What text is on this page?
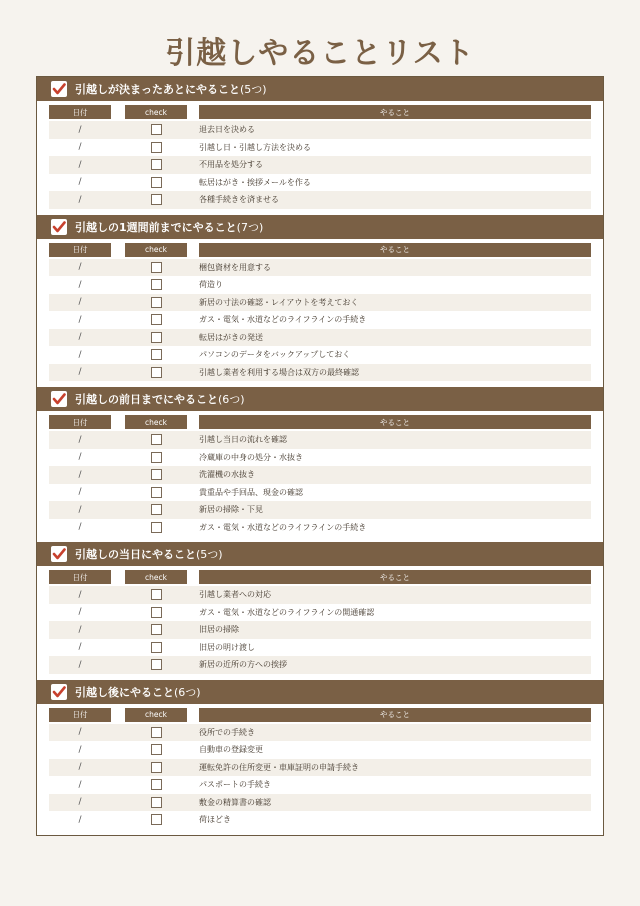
引越しやることリスト
引越しが決まったあとにやること (5つ)
日付	check	やること
/	退去日を決める
/	引越し日・引越し方法を決める
/	不用品を処分する
/	転居はがき・挨拶メールを作る
/	各種手続きを済ませる
引越しの1週間前までにやること (7つ)
日付	check	やること
/	梱包資材を用意する
/	荷造り
/	新居の寸法の確認・レイアウトを考えておく
/	ガス・電気・水道などのライフラインの手続き
/	転居はがきの発送
/	パソコンのデータをバックアップしておく
/	引越し業者を利用する場合は双方の最終確認
引越しの前日までにやること (6つ)
日付	check	やること
/	引越し当日の流れを確認
/	冷蔵庫の中身の処分・水抜き
/	洗濯機の水抜き
/	貴重品や手回品、現金の確認
/	新居の掃除・下見
/	ガス・電気・水道などのライフラインの手続き
引越しの当日にやること (5つ)
日付	check	やること
/	引越し業者への対応
/	ガス・電気・水道などのライフラインの開通確認
/	旧居の掃除
/	旧居の明け渡し
/	新居の近所の方への挨拶
引越し後にやること (6つ)
日付	check	やること
/	役所での手続き
/	自動車の登録変更
/	運転免許の住所変更・車庫証明の申請手続き
/	パスポートの手続き
/	敷金の精算書の確認
/	荷ほどき
